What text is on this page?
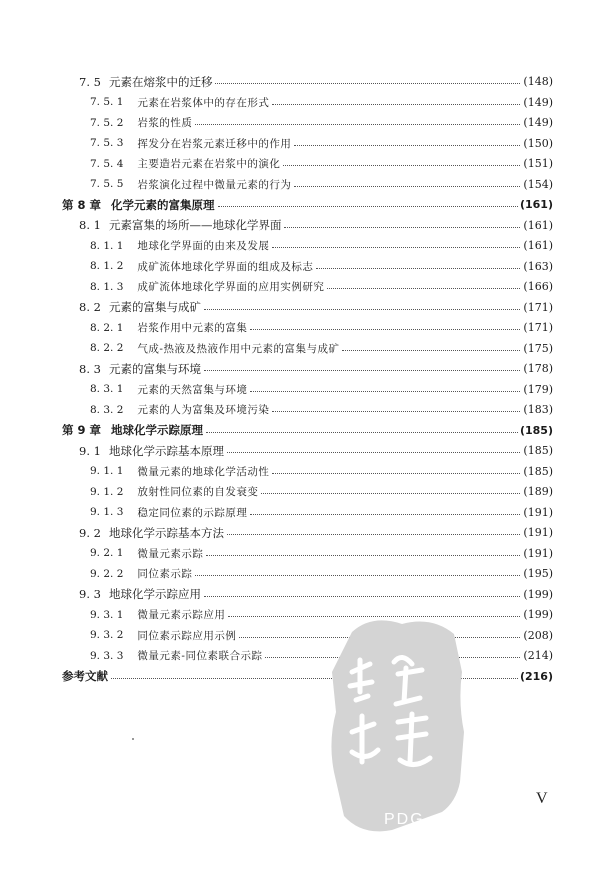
7. 5 元素在熔浆中的迁移	(148)
7. 5. 1 元素在岩浆体中的存在形式	(149)
7. 5. 2 岩浆的性质	(149)
7. 5. 3 挥发分在岩浆元素迁移中的作用	(150)
7. 5. 4 主要造岩元素在岩浆中的演化	(151)
7. 5. 5 岩浆演化过程中微量元素的行为	(154)
第 8 章 化学元素的富集原理	(161)
8. 1 元素富集的场所——地球化学界面	(161)
8. 1. 1 地球化学界面的由来及发展	(161)
8. 1. 2 成矿流体地球化学界面的组成及标志	(163)
8. 1. 3 成矿流体地球化学界面的应用实例研究	(166)
8. 2 元素的富集与成矿	(171)
8. 2. 1 岩浆作用中元素的富集	(171)
8. 2. 2 气成-热液及热液作用中元素的富集与成矿	(175)
8. 3 元素的富集与环境	(178)
8. 3. 1 元素的天然富集与环境	(179)
8. 3. 2 元素的人为富集及环境污染	(183)
第 9 章 地球化学示踪原理	(185)
9. 1 地球化学示踪基本原理	(185)
9. 1. 1 微量元素的地球化学活动性	(185)
9. 1. 2 放射性同位素的自发衰变	(189)
9. 1. 3 稳定同位素的示踪原理	(191)
9. 2 地球化学示踪基本方法	(191)
9. 2. 1 微量元素示踪	(191)
9. 2. 2 同位素示踪	(195)
9. 3 地球化学示踪应用	(199)
9. 3. 1 微量元素示踪应用	(199)
9. 3. 2 同位素示踪应用示例	(208)
9. 3. 3 微量元素-同位素联合示踪	(214)
参考文献	(216)
V
PDG
